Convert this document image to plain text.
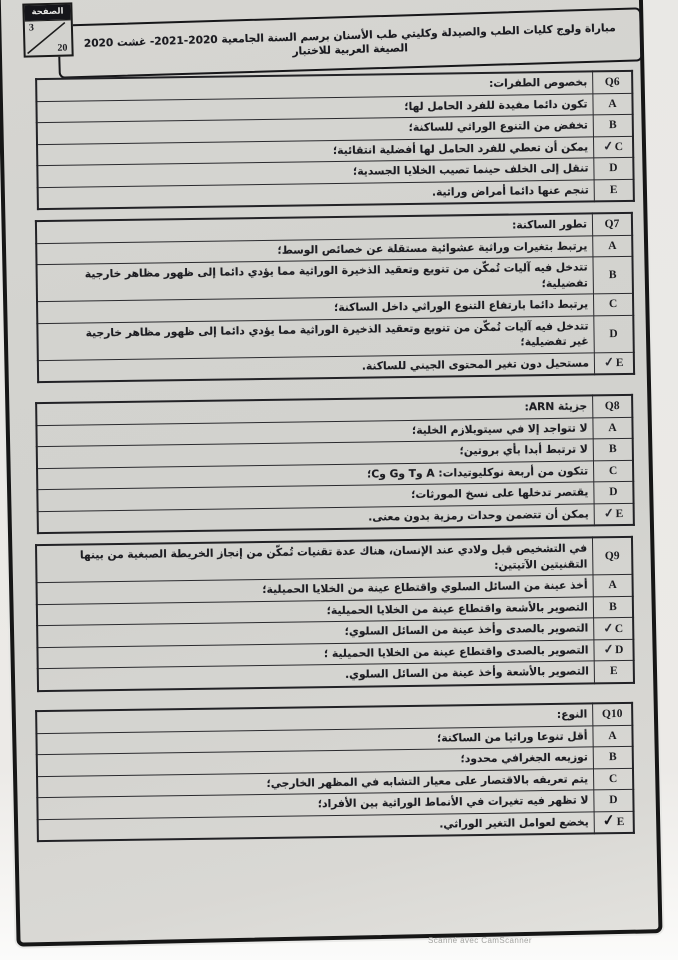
الصفحة
3
20	مباراة ولوج كليات الطب والصيدلة وكليتي طب الأسنان برسم السنة الجامعية 2020-2021- غشت 2020
الصيغة العربية للاختبار
Q6	بخصوص الطفرات:
A	تكون دائما مفيدة للفرد الحامل لها؛
B	تخفض من التنوع الوراثي للساكنة؛
C✓	يمكن أن تعطي للفرد الحامل لها أفضلية انتقائية؛
D	تنقل إلى الخلف حينما تصيب الخلايا الجسدية؛
E	تنجم عنها دائما أمراض وراثية.
Q7	تطور الساكنة:
A	يرتبط بتغيرات وراثية عشوائية مستقلة عن خصائص الوسط؛
B	تتدخل فيه آليات تُمكّن من تنويع وتعقيد الذخيرة الوراثية مما يؤدي دائما إلى ظهور مظاهر خارجية تفضيلية؛
C	يرتبط دائما بارتفاع التنوع الوراثي داخل الساكنة؛
D	تتدخل فيه آليات تُمكّن من تنويع وتعقيد الذخيرة الوراثية مما يؤدي دائما إلى ظهور مظاهر خارجية غير تفضيلية؛
E✓	مستحيل دون تغير المحتوى الجيني للساكنة.
Q8	جزيئة ARN:
A	لا تتواجد إلا في سيتوبلازم الخلية؛
B	لا ترتبط أبدا بأي بروتين؛
C	تتكون من أربعة نوكليوتيدات: A وT وG وC؛
D	يقتصر تدخلها على نسخ المورثات؛
E✓	يمكن أن تتضمن وحدات رمزية بدون معنى.
Q9	في التشخيص قبل ولادي عند الإنسان، هناك عدة تقنيات تُمكّن من إنجاز الخريطة الصبغية من بينها التقنيتين الآتيتين:
A	أخذ عينة من السائل السلوي واقتطاع عينة من الخلايا الحميلية؛
B	التصوير بالأشعة واقتطاع عينة من الخلايا الحميلية؛
C✓	التصوير بالصدى وأخذ عينة من السائل السلوي؛
D✓	التصوير بالصدى واقتطاع عينة من الخلايا الحميلية ؛
E	التصوير بالأشعة وأخذ عينة من السائل السلوي.
Q10	النوع:
A	أقل تنوعا وراثيا من الساكنة؛
B	توزيعه الجغرافي محدود؛
C	يتم تعريفه بالاقتصار على معيار التشابه في المظهر الخارجي؛
D	لا تظهر فيه تغيرات في الأنماط الوراثية بين الأفراد؛
E✓	يخضع لعوامل التغير الوراثي.
Scanné avec CamScanner
